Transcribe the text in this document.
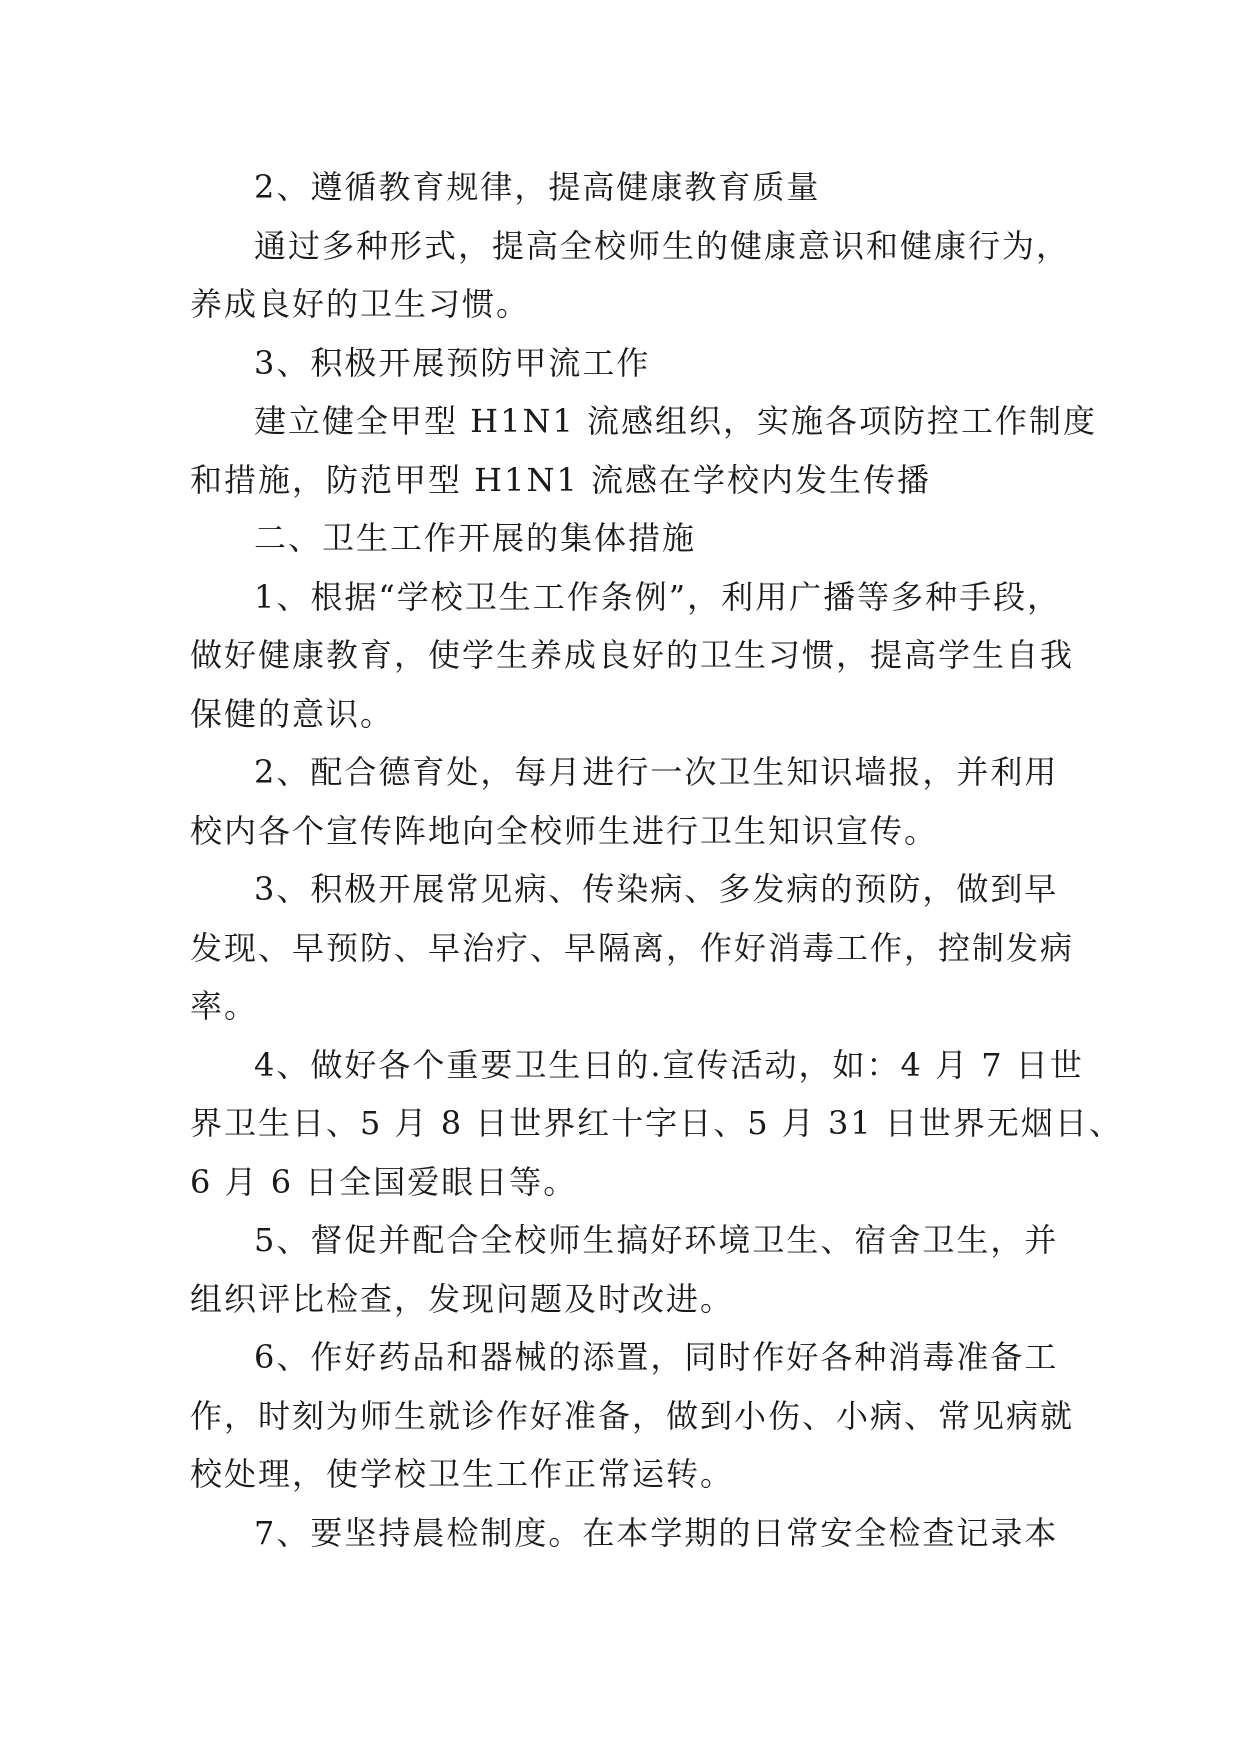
2、遵循教育规律，提高健康教育质量
通过多种形式，提高全校师生的健康意识和健康行为，
养成良好的卫生习惯。
3、积极开展预防甲流工作
建立健全甲型 H1N1 流感组织，实施各项防控工作制度
和措施，防范甲型 H1N1 流感在学校内发生传播
二、卫生工作开展的集体措施
1、根据“学校卫生工作条例”，利用广播等多种手段，
做好健康教育，使学生养成良好的卫生习惯，提高学生自我
保健的意识。
2、配合德育处，每月进行一次卫生知识墙报，并利用
校内各个宣传阵地向全校师生进行卫生知识宣传。
3、积极开展常见病、传染病、多发病的预防，做到早
发现、早预防、早治疗、早隔离，作好消毒工作，控制发病
率。
4、做好各个重要卫生日的.宣传活动，如：4 月 7 日世
界卫生日、5 月 8 日世界红十字日、5 月 31 日世界无烟日、
6 月 6 日全国爱眼日等。
5、督促并配合全校师生搞好环境卫生、宿舍卫生，并
组织评比检查，发现问题及时改进。
6、作好药品和器械的添置，同时作好各种消毒准备工
作，时刻为师生就诊作好准备，做到小伤、小病、常见病就
校处理，使学校卫生工作正常运转。
7、要坚持晨检制度。在本学期的日常安全检查记录本
